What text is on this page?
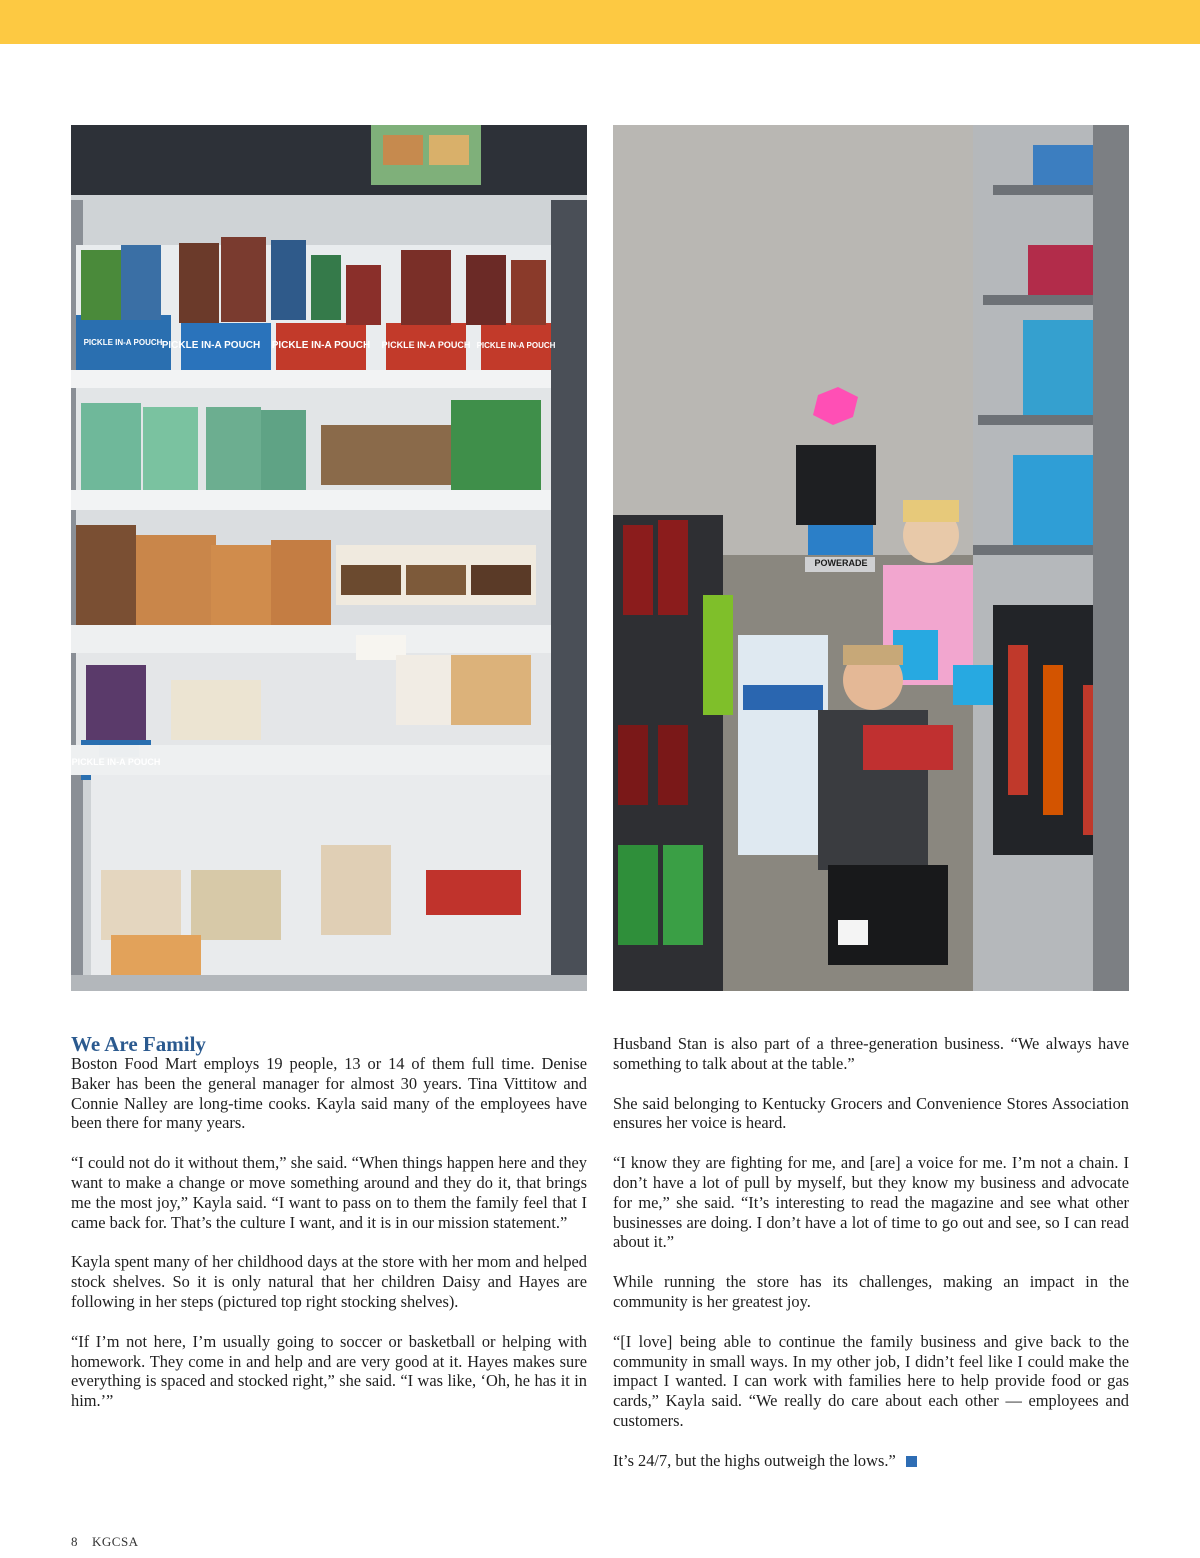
PICKLE IN-A POUCH PICKLE IN-A POUCH PICKLE IN-A POUCH PICKLE IN-A POUCH
PICKLE IN-A POUCH
PICKLE IN-A POUCH
POWERADE
We Are Family

Boston Food Mart employs 19 people, 13 or 14 of them full time. Denise Baker has been the general manager for almost 30 years. Tina Vittitow and Connie Nalley are long-time cooks. Kayla said many of the employees have been there for many years.

“I could not do it without them,” she said. “When things happen here and they want to make a change or move something around and they do it, that brings me the most joy,” Kayla said. “I want to pass on to them the family feel that I came back for. That’s the culture I want, and it is in our mission statement.”

Kayla spent many of her childhood days at the store with her mom and helped stock shelves. So it is only natural that her children Daisy and Hayes are following in her steps (pictured top right stocking shelves).

“If I’m not here, I’m usually going to soccer or basketball or helping with homework. They come in and help and are very good at it. Hayes makes sure everything is spaced and stocked right,” she said. “I was like, ‘Oh, he has it in him.’”

Husband Stan is also part of a three-generation business. “We always have something to talk about at the table.”

She said belonging to Kentucky Grocers and Convenience Stores Association ensures her voice is heard.

“I know they are fighting for me, and [are] a voice for me. I’m not a chain. I don’t have a lot of pull by myself, but they know my business and advocate for me,” she said. “It’s interesting to read the magazine and see what other businesses are doing. I don’t have a lot of time to go out and see, so I can read about it.”

While running the store has its challenges, making an impact in the community is her greatest joy.

“[I love] being able to continue the family business and give back to the community in small ways. In my other job, I didn’t feel like I could make the impact I wanted. I can work with families here to help provide food or gas cards,” Kayla said. “We really do care about each other — employees and customers.

It’s 24/7, but the highs outweigh the lows.”

8 KGCSA
